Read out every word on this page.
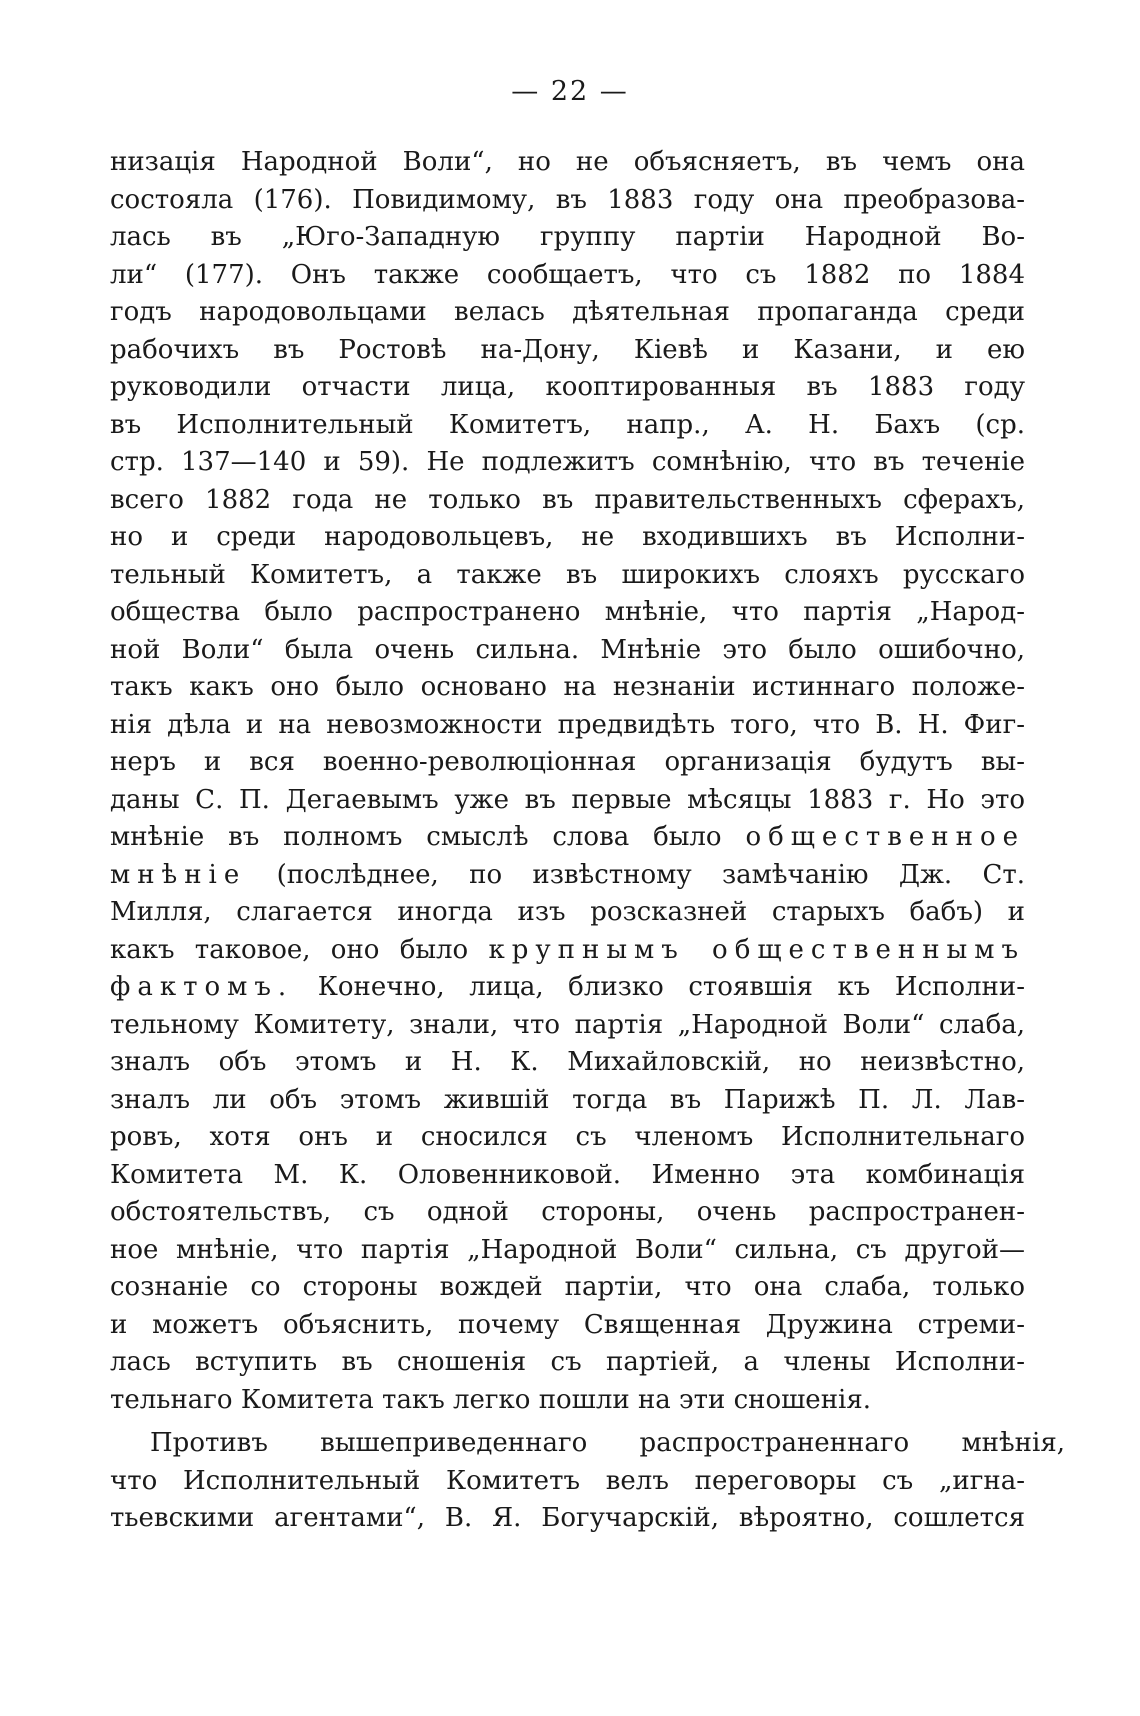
— 22 —
низація Народной Воли“, но не объясняетъ, въ чемъ она
состояла (176). Повидимому, въ 1883 году она преобразова-
лась въ „Юго-Западную группу партіи Народной Во-
ли“ (177). Онъ также сообщаетъ, что съ 1882 по 1884
годъ народовольцами велась дѣятельная пропаганда среди
рабочихъ въ Ростовѣ на-Дону, Кіевѣ и Казани, и ею
руководили отчасти лица, кооптированныя въ 1883 году
въ Исполнительный Комитетъ, напр., А. Н. Бахъ (ср.
стр. 137—140 и 59). Не подлежитъ сомнѣнію, что въ теченіе
всего 1882 года не только въ правительственныхъ сферахъ,
но и среди народовольцевъ, не входившихъ въ Исполни-
тельный Комитетъ, а также въ широкихъ слояхъ русскаго
общества было распространено мнѣніе, что партія „Народ-
ной Воли“ была очень сильна. Мнѣніе это было ошибочно,
такъ какъ оно было основано на незнаніи истиннаго положе-
нія дѣла и на невозможности предвидѣть того, что В. Н. Фиг-
неръ и вся военно-революціонная организація будутъ вы-
даны С. П. Дегаевымъ уже въ первые мѣсяцы 1883 г. Но это
мнѣніе въ полномъ смыслѣ слова было общественное
мнѣніе (послѣднее, по извѣстному замѣчанію Дж. Ст.
Милля, слагается иногда изъ розсказней старыхъ бабъ) и
какъ таковое, оно было крупнымъ общественнымъ
фактомъ. Конечно, лица, близко стоявшія къ Исполни-
тельному Комитету, знали, что партія „Народной Воли“ слаба,
зналъ объ этомъ и Н. К. Михайловскій, но неизвѣстно,
зналъ ли объ этомъ жившій тогда въ Парижѣ П. Л. Лав-
ровъ, хотя онъ и сносился съ членомъ Исполнительнаго
Комитета М. К. Оловенниковой. Именно эта комбинація
обстоятельствъ, съ одной стороны, очень распространен-
ное мнѣніе, что партія „Народной Воли“ сильна, съ другой—
сознаніе со стороны вождей партіи, что она слаба, только
и можетъ объяснить, почему Священная Дружина стреми-
лась вступить въ сношенія съ партіей, а члены Исполни-
тельнаго Комитета такъ легко пошли на эти сношенія.
Противъ вышеприведеннаго распространеннаго мнѣнія,
что Исполнительный Комитетъ велъ переговоры съ „игна-
тьевскими агентами“, В. Я. Богучарскій, вѣроятно, сошлется
